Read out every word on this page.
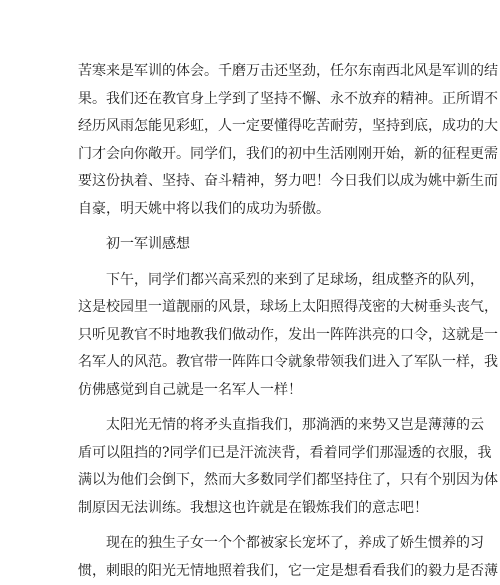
苦寒来是军训的体会。千磨万击还坚劲，任尔东南西北风是军训的结
果。我们还在教官身上学到了坚持不懈、永不放弃的精神。正所谓不
经历风雨怎能见彩虹，人一定要懂得吃苦耐劳，坚持到底，成功的大
门才会向你敞开。同学们，我们的初中生活刚刚开始，新的征程更需
要这份执着、坚持、奋斗精神，努力吧！今日我们以成为姚中新生而
自豪，明天姚中将以我们的成功为骄傲。
初一军训感想
下午，同学们都兴高采烈的来到了足球场，组成整齐的队列，
这是校园里一道靓丽的风景，球场上太阳照得茂密的大树垂头丧气，
只听见教官不时地教我们做动作，发出一阵阵洪亮的口令，这就是一
名军人的风范。教官带一阵阵口令就象带领我们进入了军队一样，我
仿佛感觉到自己就是一名军人一样！
太阳光无情的将矛头直指我们，那淌洒的来势又岂是薄薄的云
盾可以阻挡的?同学们已是汗流浃背，看着同学们那湿透的衣服，我
满以为他们会倒下，然而大多数同学们都坚持住了，只有个别因为体
制原因无法训练。我想这也许就是在锻炼我们的意志吧！
现在的独生子女一个个都被家长宠坏了，养成了娇生惯养的习
惯，刺眼的阳光无情地照着我们，它一定是想看看我们的毅力是否薄
